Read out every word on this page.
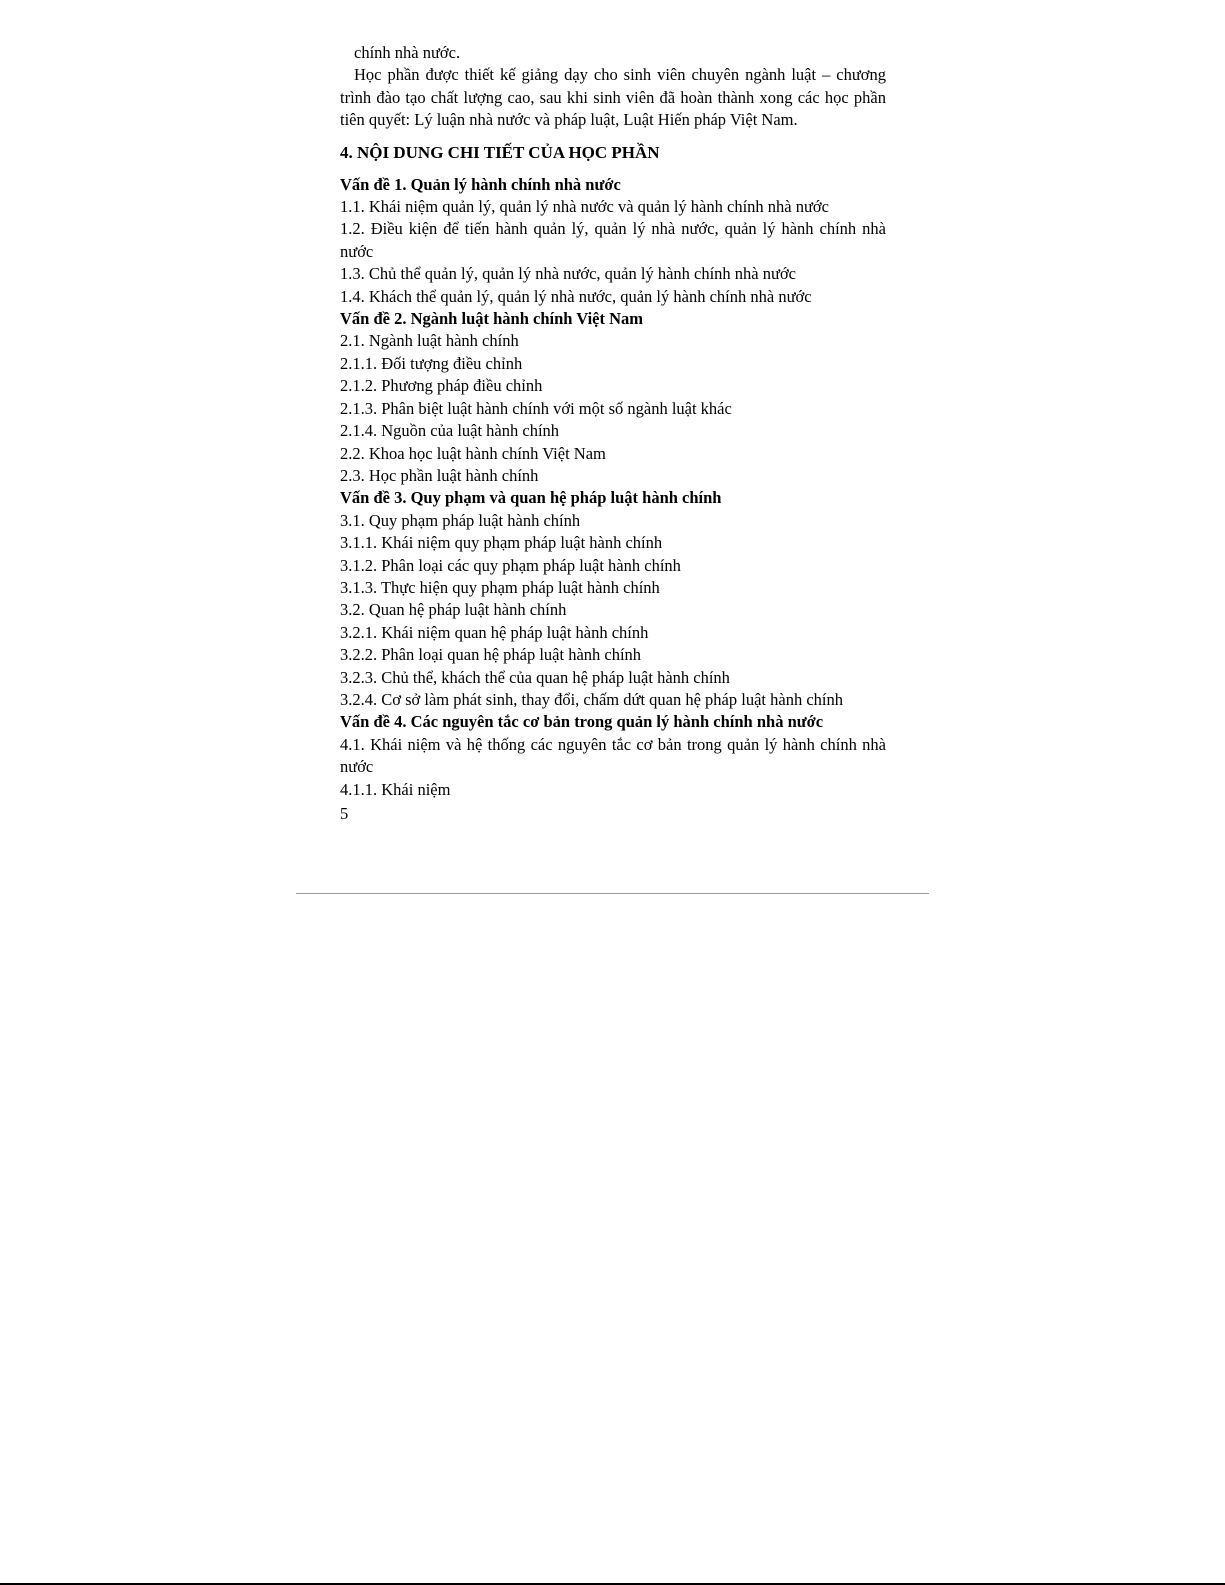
chính nhà nước.

Học phần được thiết kế giảng dạy cho sinh viên chuyên ngành luật – chương trình đào tạo chất lượng cao, sau khi sinh viên đã hoàn thành xong các học phần tiên quyết: Lý luận nhà nước và pháp luật, Luật Hiến pháp Việt Nam.

4. NỘI DUNG CHI TIẾT CỦA HỌC PHẦN
Vấn đề 1. Quản lý hành chính nhà nước
1.1. Khái niệm quản lý, quản lý nhà nước và quản lý hành chính nhà nước
1.2. Điều kiện để tiến hành quản lý, quản lý nhà nước, quản lý hành chính nhà nước
1.3. Chủ thể quản lý, quản lý nhà nước, quản lý hành chính nhà nước
1.4. Khách thể quản lý, quản lý nhà nước, quản lý hành chính nhà nước
Vấn đề 2. Ngành luật hành chính Việt Nam
2.1. Ngành luật hành chính
2.1.1. Đối tượng điều chỉnh
2.1.2. Phương pháp điều chỉnh
2.1.3. Phân biệt luật hành chính với một số ngành luật khác
2.1.4. Nguồn của luật hành chính
2.2. Khoa học luật hành chính Việt Nam
2.3. Học phần luật hành chính
Vấn đề 3. Quy phạm và quan hệ pháp luật hành chính
3.1. Quy phạm pháp luật hành chính
3.1.1. Khái niệm quy phạm pháp luật hành chính
3.1.2. Phân loại các quy phạm pháp luật hành chính
3.1.3. Thực hiện quy phạm pháp luật hành chính
3.2. Quan hệ pháp luật hành chính
3.2.1. Khái niệm quan hệ pháp luật hành chính
3.2.2. Phân loại quan hệ pháp luật hành chính
3.2.3. Chủ thể, khách thể của quan hệ pháp luật hành chính
3.2.4. Cơ sở làm phát sinh, thay đổi, chấm dứt quan hệ pháp luật hành chính
Vấn đề 4. Các nguyên tắc cơ bản trong quản lý hành chính nhà nước
4.1. Khái niệm và hệ thống các nguyên tắc cơ bản trong quản lý hành chính nhà nước
4.1.1. Khái niệm
5
